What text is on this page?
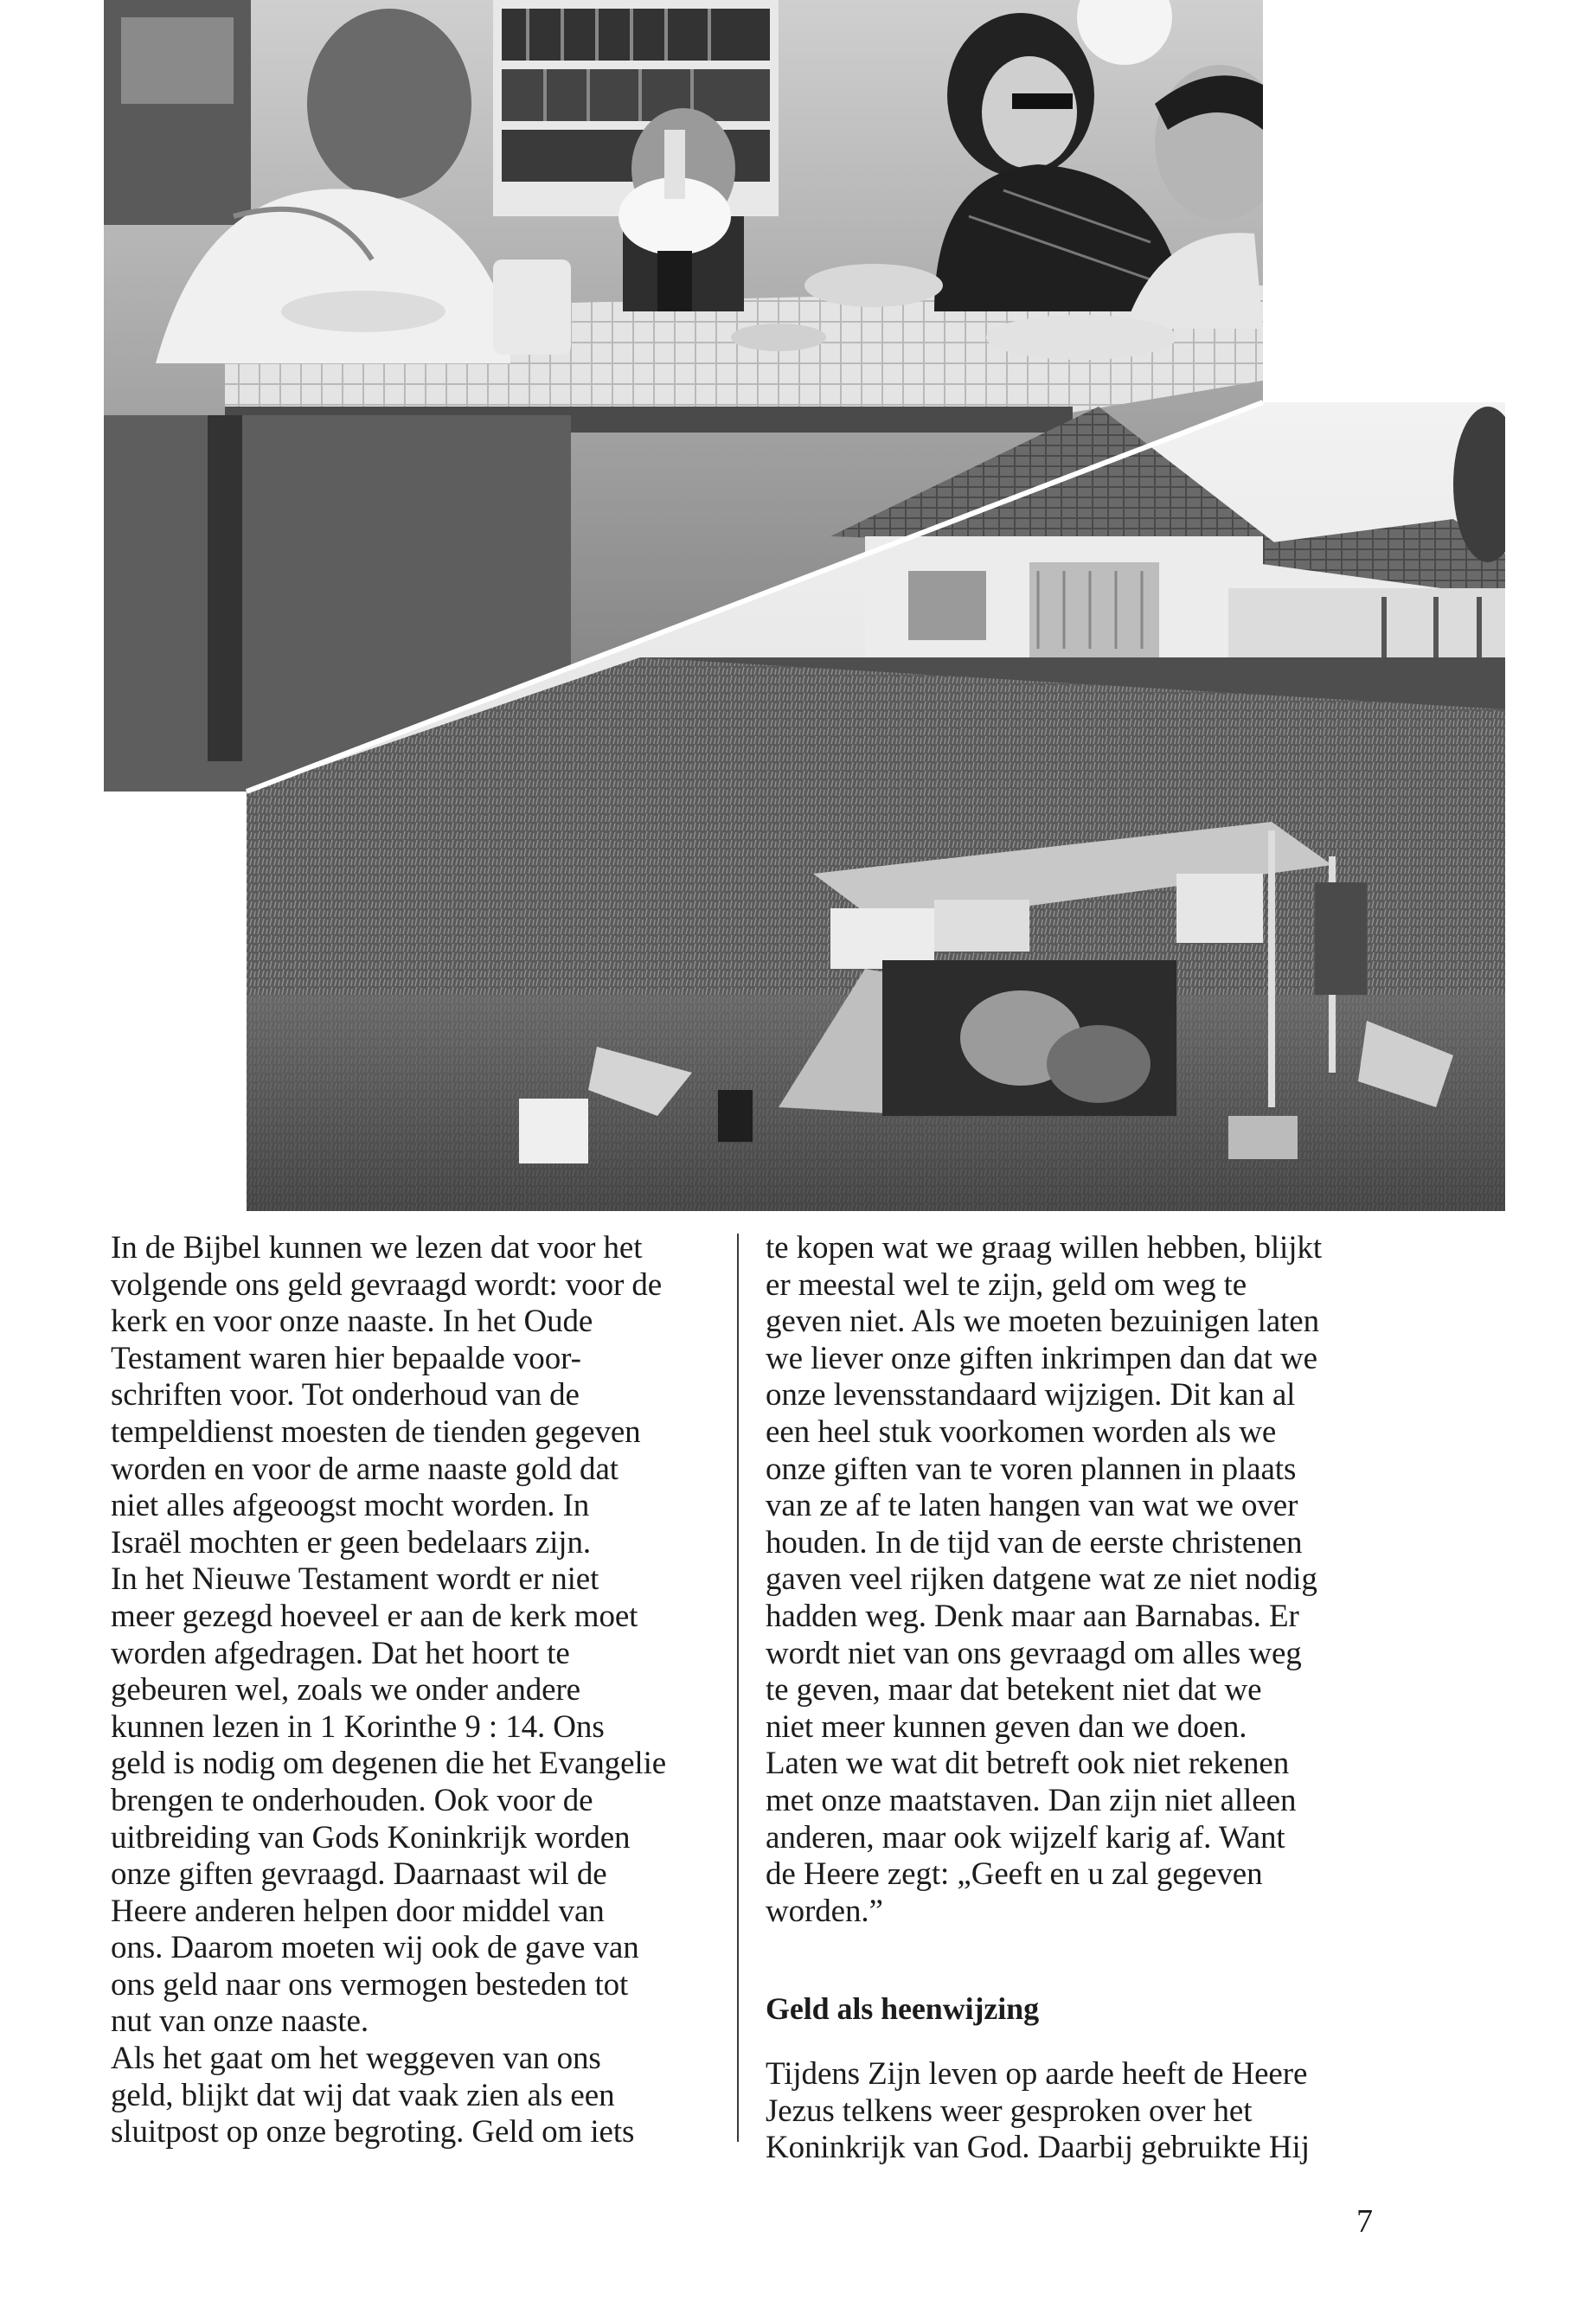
In de Bijbel kunnen we lezen dat voor het
volgende ons geld gevraagd wordt: voor de
kerk en voor onze naaste. In het Oude
Testament waren hier bepaalde voor-
schriften voor. Tot onderhoud van de
tempeldienst moesten de tienden gegeven
worden en voor de arme naaste gold dat
niet alles afgeoogst mocht worden. In
Israël mochten er geen bedelaars zijn.
In het Nieuwe Testament wordt er niet
meer gezegd hoeveel er aan de kerk moet
worden afgedragen. Dat het hoort te
gebeuren wel, zoals we onder andere
kunnen lezen in 1 Korinthe 9 : 14. Ons
geld is nodig om degenen die het Evangelie
brengen te onderhouden. Ook voor de
uitbreiding van Gods Koninkrijk worden
onze giften gevraagd. Daarnaast wil de
Heere anderen helpen door middel van
ons. Daarom moeten wij ook de gave van
ons geld naar ons vermogen besteden tot
nut van onze naaste.
Als het gaat om het weggeven van ons
geld, blijkt dat wij dat vaak zien als een
sluitpost op onze begroting. Geld om iets
te kopen wat we graag willen hebben, blijkt
er meestal wel te zijn, geld om weg te
geven niet. Als we moeten bezuinigen laten
we liever onze giften inkrimpen dan dat we
onze levensstandaard wijzigen. Dit kan al
een heel stuk voorkomen worden als we
onze giften van te voren plannen in plaats
van ze af te laten hangen van wat we over
houden. In de tijd van de eerste christenen
gaven veel rijken datgene wat ze niet nodig
hadden weg. Denk maar aan Barnabas. Er
wordt niet van ons gevraagd om alles weg
te geven, maar dat betekent niet dat we
niet meer kunnen geven dan we doen.
Laten we wat dit betreft ook niet rekenen
met onze maatstaven. Dan zijn niet alleen
anderen, maar ook wijzelf karig af. Want
de Heere zegt: „Geeft en u zal gegeven
worden.”
Geld als heenwijzing
Tijdens Zijn leven op aarde heeft de Heere
Jezus telkens weer gesproken over het
Koninkrijk van God. Daarbij gebruikte Hij
7
